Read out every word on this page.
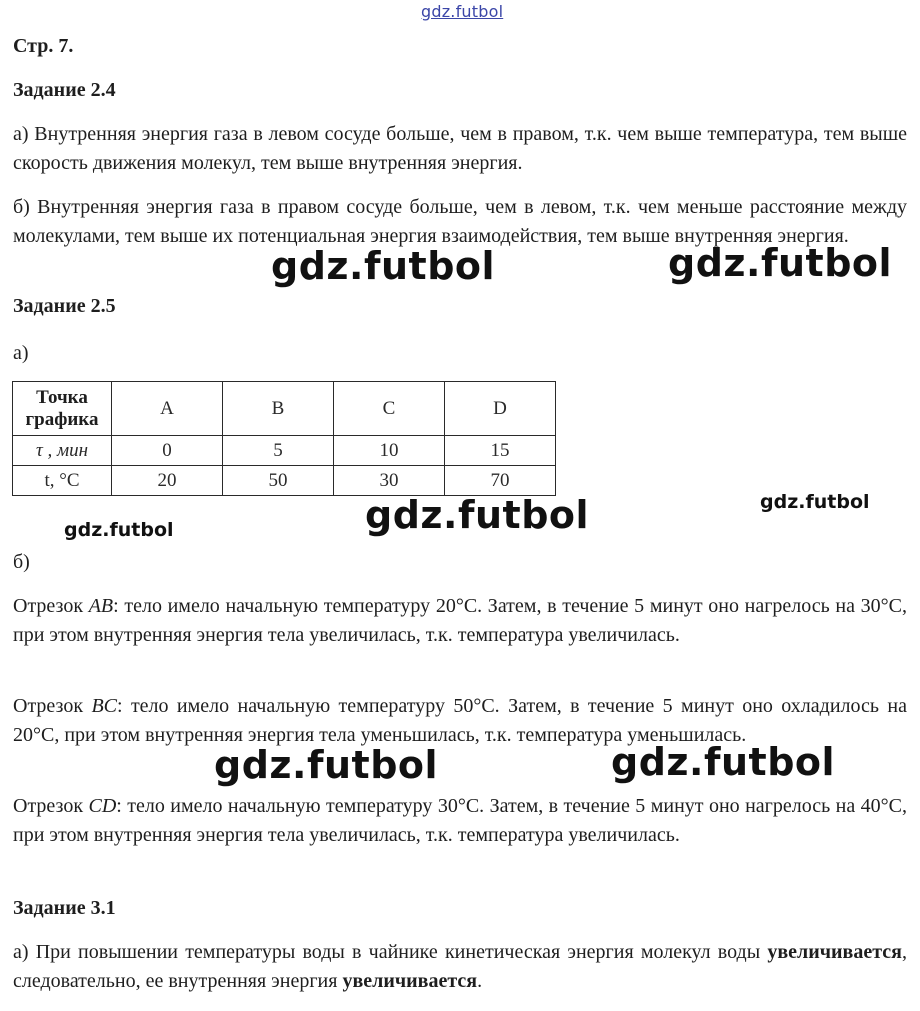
gdz.futbol
Стр. 7.
Задание 2.4
а) Внутренняя энергия газа в левом сосуде больше, чем в правом, т.к. чем выше температура, тем выше скорость движения молекул, тем выше внутренняя энергия.
б) Внутренняя энергия газа в правом сосуде больше, чем в левом, т.к. чем меньше расстояние между молекулами, тем выше их потенциальная энергия взаимодействия, тем выше внутренняя энергия.
gdz.futbol	gdz.futbol
Задание 2.5
а)
Точка
графика	A	B	C	D
τ , мин	0	5	10	15
t, °C	20	50	30	70
gdz.futbol	gdz.futbol	gdz.futbol
б)
Отрезок AB: тело имело начальную температуру 20°C. Затем, в течение 5 минут оно нагрелось на 30°C, при этом внутренняя энергия тела увеличилась, т.к. температура увеличилась.
Отрезок BC: тело имело начальную температуру 50°C. Затем, в течение 5 минут оно охладилось на 20°C, при этом внутренняя энергия тела уменьшилась, т.к. температура уменьшилась.
gdz.futbol	gdz.futbol
Отрезок CD: тело имело начальную температуру 30°C. Затем, в течение 5 минут оно нагрелось на 40°C, при этом внутренняя энергия тела увеличилась, т.к. температура увеличилась.
Задание 3.1
а) При повышении температуры воды в чайнике кинетическая энергия молекул воды увеличивается, следовательно, ее внутренняя энергия увеличивается.
